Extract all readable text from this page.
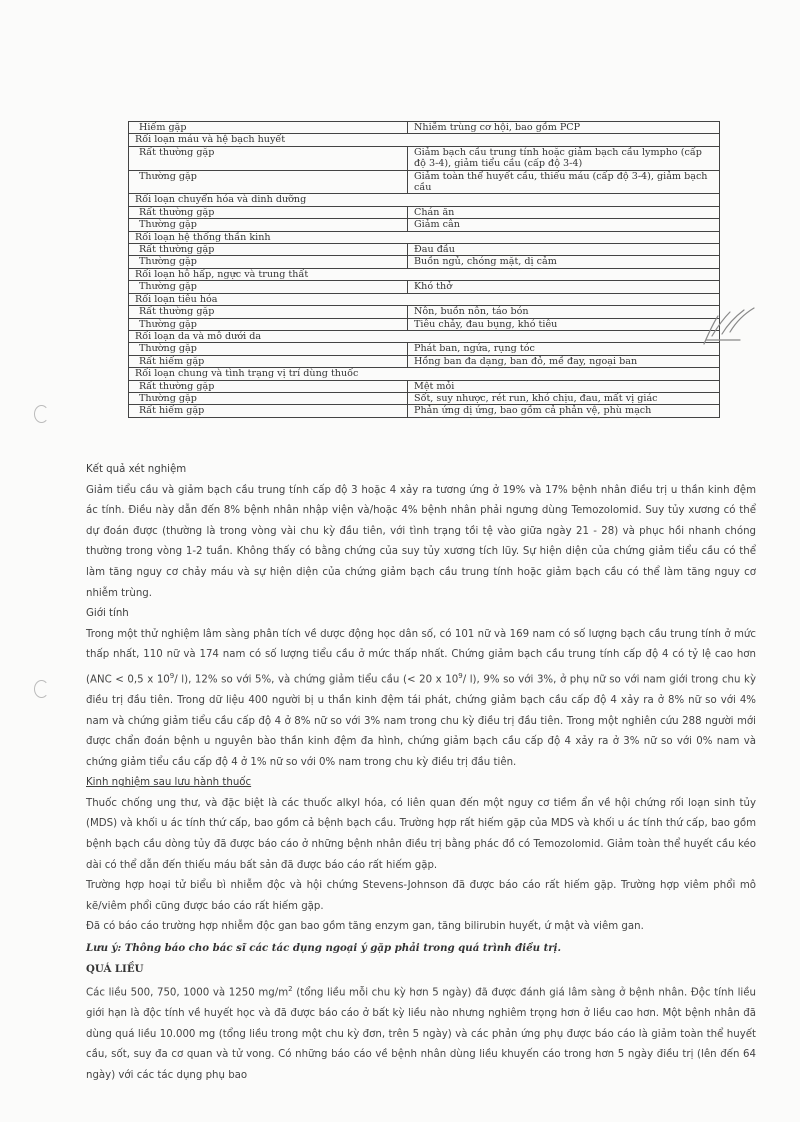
Hiếm gặp	Nhiễm trùng cơ hội, bao gồm PCP
Rối loạn máu và hệ bạch huyết	
Rất thường gặp	Giảm bạch cầu trung tính hoặc giảm bạch cầu lympho (cấp độ 3-4), giảm tiểu cầu (cấp độ 3-4)
Thường gặp	Giảm toàn thể huyết cầu, thiếu máu (cấp độ 3-4), giảm bạch cầu
Rối loạn chuyển hóa và dinh dưỡng	
Rất thường gặp	Chán ăn
Thường gặp	Giảm cân
Rối loạn hệ thống thần kinh	
Rất thường gặp	Đau đầu
Thường gặp	Buồn ngủ, chóng mặt, dị cảm
Rối loạn hô hấp, ngực và trung thất	
Thường gặp	Khó thở
Rối loạn tiêu hóa	
Rất thường gặp	Nôn, buồn nôn, táo bón
Thường gặp	Tiêu chảy, đau bụng, khó tiêu
Rối loạn da và mô dưới da	
Thường gặp	Phát ban, ngứa, rụng tóc
Rất hiếm gặp	Hồng ban đa dạng, ban đỏ, mề đay, ngoại ban
Rối loạn chung và tình trạng vị trí dùng thuốc	
Rất thường gặp	Mệt mỏi
Thường gặp	Sốt, suy nhược, rét run, khó chịu, đau, mất vị giác
Rất hiếm gặp	Phản ứng dị ứng, bao gồm cả phản vệ, phù mạch

Kết quả xét nghiệm

Giảm tiểu cầu và giảm bạch cầu trung tính cấp độ 3 hoặc 4 xảy ra tương ứng ở 19% và 17% bệnh nhân điều trị u thần kinh đệm ác tính. Điều này dẫn đến 8% bệnh nhân nhập viện và/hoặc 4% bệnh nhân phải ngưng dùng Temozolomid. Suy tủy xương có thể dự đoán được (thường là trong vòng vài chu kỳ đầu tiên, với tình trạng tồi tệ vào giữa ngày 21 - 28) và phục hồi nhanh chóng thường trong vòng 1-2 tuần. Không thấy có bằng chứng của suy tủy xương tích lũy. Sự hiện diện của chứng giảm tiểu cầu có thể làm tăng nguy cơ chảy máu và sự hiện diện của chứng giảm bạch cầu trung tính hoặc giảm bạch cầu có thể làm tăng nguy cơ nhiễm trùng.

Giới tính

Trong một thử nghiệm lâm sàng phân tích về dược động học dân số, có 101 nữ và 169 nam có số lượng bạch cầu trung tính ở mức thấp nhất, 110 nữ và 174 nam có số lượng tiểu cầu ở mức thấp nhất. Chứng giảm bạch cầu trung tính cấp độ 4 có tỷ lệ cao hơn (ANC < 0,5 x $10^9/$ l), 12% so với 5%, và chứng giảm tiểu cầu (< 20 x $10^9/$ l), 9% so với 3%, ở phụ nữ so với nam giới trong chu kỳ điều trị đầu tiên. Trong dữ liệu 400 người bị u thần kinh đệm tái phát, chứng giảm bạch cầu cấp độ 4 xảy ra ở 8% nữ so với 4% nam và chứng giảm tiểu cầu cấp độ 4 ở 8% nữ so với 3% nam trong chu kỳ điều trị đầu tiên. Trong một nghiên cứu 288 người mới được chẩn đoán bệnh u nguyên bào thần kinh đệm đa hình, chứng giảm bạch cầu cấp độ 4 xảy ra ở 3% nữ so với 0% nam và chứng giảm tiểu cầu cấp độ 4 ở 1% nữ so với 0% nam trong chu kỳ điều trị đầu tiên.

Kinh nghiệm sau lưu hành thuốc

Thuốc chống ung thư, và đặc biệt là các thuốc alkyl hóa, có liên quan đến một nguy cơ tiềm ẩn về hội chứng rối loạn sinh tủy (MDS) và khối u ác tính thứ cấp, bao gồm cả bệnh bạch cầu. Trường hợp rất hiếm gặp của MDS và khối u ác tính thứ cấp, bao gồm bệnh bạch cầu dòng tủy đã được báo cáo ở những bệnh nhân điều trị bằng phác đồ có Temozolomid. Giảm toàn thể huyết cầu kéo dài có thể dẫn đến thiếu máu bất sản đã được báo cáo rất hiếm gặp.

Trường hợp hoại tử biểu bì nhiễm độc và hội chứng Stevens-Johnson đã được báo cáo rất hiếm gặp. Trường hợp viêm phổi mô kẽ/viêm phổi cũng được báo cáo rất hiếm gặp.

Đã có báo cáo trường hợp nhiễm độc gan bao gồm tăng enzym gan, tăng bilirubin huyết, ứ mật và viêm gan.

Lưu ý: Thông báo cho bác sĩ các tác dụng ngoại ý gặp phải trong quá trình điều trị.

QUÁ LIỀU

Các liều 500, 750, 1000 và 1250 $mg/m^2$ (tổng liều mỗi chu kỳ hơn 5 ngày) đã được đánh giá lâm sàng ở bệnh nhân. Độc tính liều giới hạn là độc tính về huyết học và đã được báo cáo ở bất kỳ liều nào nhưng nghiêm trọng hơn ở liều cao hơn. Một bệnh nhân đã dùng quá liều 10.000 mg (tổng liều trong một chu kỳ đơn, trên 5 ngày) và các phản ứng phụ được báo cáo là giảm toàn thể huyết cầu, sốt, suy đa cơ quan và tử vong. Có những báo cáo về bệnh nhân dùng liều khuyến cáo trong hơn 5 ngày điều trị (lên đến 64 ngày) với các tác dụng phụ bao
